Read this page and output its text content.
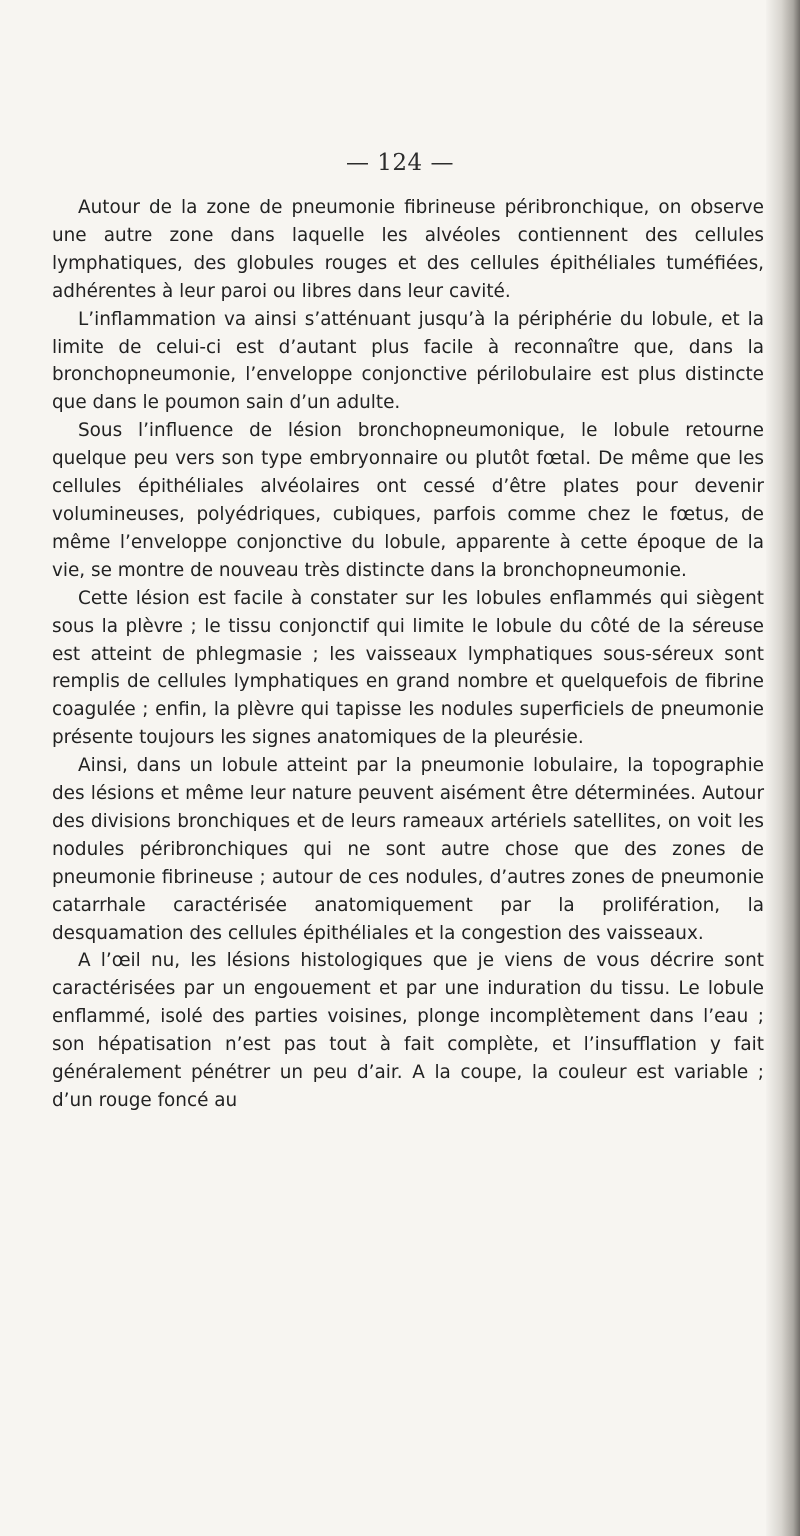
— 124 —

Autour de la zone de pneumonie fibrineuse péribronchique, on observe une autre zone dans laquelle les alvéoles contiennent des cellules lymphatiques, des globules rouges et des cellules épithéliales tuméfiées, adhérentes à leur paroi ou libres dans leur cavité.

L’inflammation va ainsi s’atténuant jusqu’à la périphérie du lobule, et la limite de celui-ci est d’autant plus facile à reconnaître que, dans la bronchopneumonie, l’enveloppe conjonctive périlobulaire est plus distincte que dans le poumon sain d’un adulte.

Sous l’influence de lésion bronchopneumonique, le lobule retourne quelque peu vers son type embryonnaire ou plutôt fœtal. De même que les cellules épithéliales alvéolaires ont cessé d’être plates pour devenir volumineuses, polyédriques, cubiques, parfois comme chez le fœtus, de même l’enveloppe conjonctive du lobule, apparente à cette époque de la vie, se montre de nouveau très distincte dans la bronchopneumonie.

Cette lésion est facile à constater sur les lobules enflammés qui siègent sous la plèvre ; le tissu conjonctif qui limite le lobule du côté de la séreuse est atteint de phlegmasie ; les vaisseaux lymphatiques sous-séreux sont remplis de cellules lymphatiques en grand nombre et quelquefois de fibrine coagulée ; enfin, la plèvre qui tapisse les nodules superficiels de pneumonie présente toujours les signes anatomiques de la pleurésie.

Ainsi, dans un lobule atteint par la pneumonie lobulaire, la topographie des lésions et même leur nature peuvent aisément être déterminées. Autour des divisions bronchiques et de leurs rameaux artériels satellites, on voit les nodules péribronchiques qui ne sont autre chose que des zones de pneumonie fibrineuse ; autour de ces nodules, d’autres zones de pneumonie catarrhale caractérisée anatomiquement par la prolifération, la desquamation des cellules épithéliales et la congestion des vaisseaux.

A l’œil nu, les lésions histologiques que je viens de vous décrire sont caractérisées par un engouement et par une induration du tissu. Le lobule enflammé, isolé des parties voisines, plonge incomplètement dans l’eau ; son hépatisation n’est pas tout à fait complète, et l’insufflation y fait généralement pénétrer un peu d’air. A la coupe, la couleur est variable ; d’un rouge foncé au
